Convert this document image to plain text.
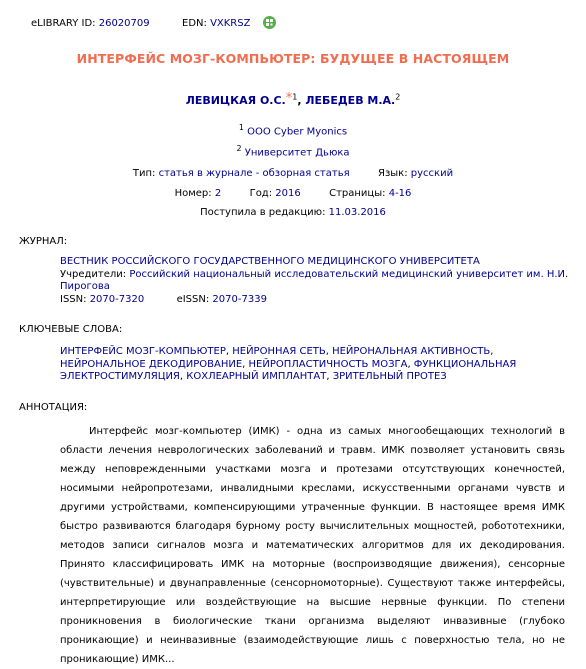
eLIBRARY ID: 26020709	EDN: VXKRSZ
ИНТЕРФЕЙС МОЗГ-КОМПЬЮТЕР: БУДУЩЕЕ В НАСТОЯЩЕМ
ЛЕВИЦКАЯ О.С.*$^1$, ЛЕБЕДЕВ М.А.$^2$
$^1$ ООО Cyber Myonics
$^2$ Университет Дьюка
Тип: статья в журнале - обзорная статья	Язык: русский
Номер: 2	Год: 2016	Страницы: 4-16
Поступила в редакцию: 11.03.2016
ЖУРНАЛ:
ВЕСТНИК РОССИЙСКОГО ГОСУДАРСТВЕННОГО МЕДИЦИНСКОГО УНИВЕРСИТЕТА
Учредители: Российский национальный исследовательский медицинский университет им. Н.И. Пирогова
ISSN: 2070-7320	eISSN: 2070-7339
КЛЮЧЕВЫЕ СЛОВА:
ИНТЕРФЕЙС МОЗГ-КОМПЬЮТЕР, НЕЙРОННАЯ СЕТЬ, НЕЙРОНАЛЬНАЯ АКТИВНОСТЬ, НЕЙРОНАЛЬНОЕ ДЕКОДИРОВАНИЕ, НЕЙРОПЛАСТИЧНОСТЬ МОЗГА, ФУНКЦИОНАЛЬНАЯ ЭЛЕКТРОСТИМУЛЯЦИЯ, КОХЛЕАРНЫЙ ИМПЛАНТАТ, ЗРИТЕЛЬНЫЙ ПРОТЕЗ
АННОТАЦИЯ:
Интерфейс мозг-компьютер (ИМК) - одна из самых многообещающих технологий в области лечения неврологических заболеваний и травм. ИМК позволяет установить связь между неповрежденными участками мозга и протезами отсутствующих конечностей, носимыми нейропротезами, инвалидными креслами, искусственными органами чувств и другими устройствами, компенсирующими утраченные функции. В настоящее время ИМК быстро развиваются благодаря бурному росту вычислительных мощностей, робототехники, методов записи сигналов мозга и математических алгоритмов для их декодирования. Принято классифицировать ИМК на моторные (воспроизводящие движения), сенсорные (чувствительные) и двунаправленные (сенсорномоторные). Существуют также интерфейсы, интерпретирующие или воздействующие на высшие нервные функции. По степени проникновения в биологические ткани организма выделяют инвазивные (глубоко проникающие) и неинвазивные (взаимодействующие лишь с поверхностью тела, но не проникающие) ИМК...
